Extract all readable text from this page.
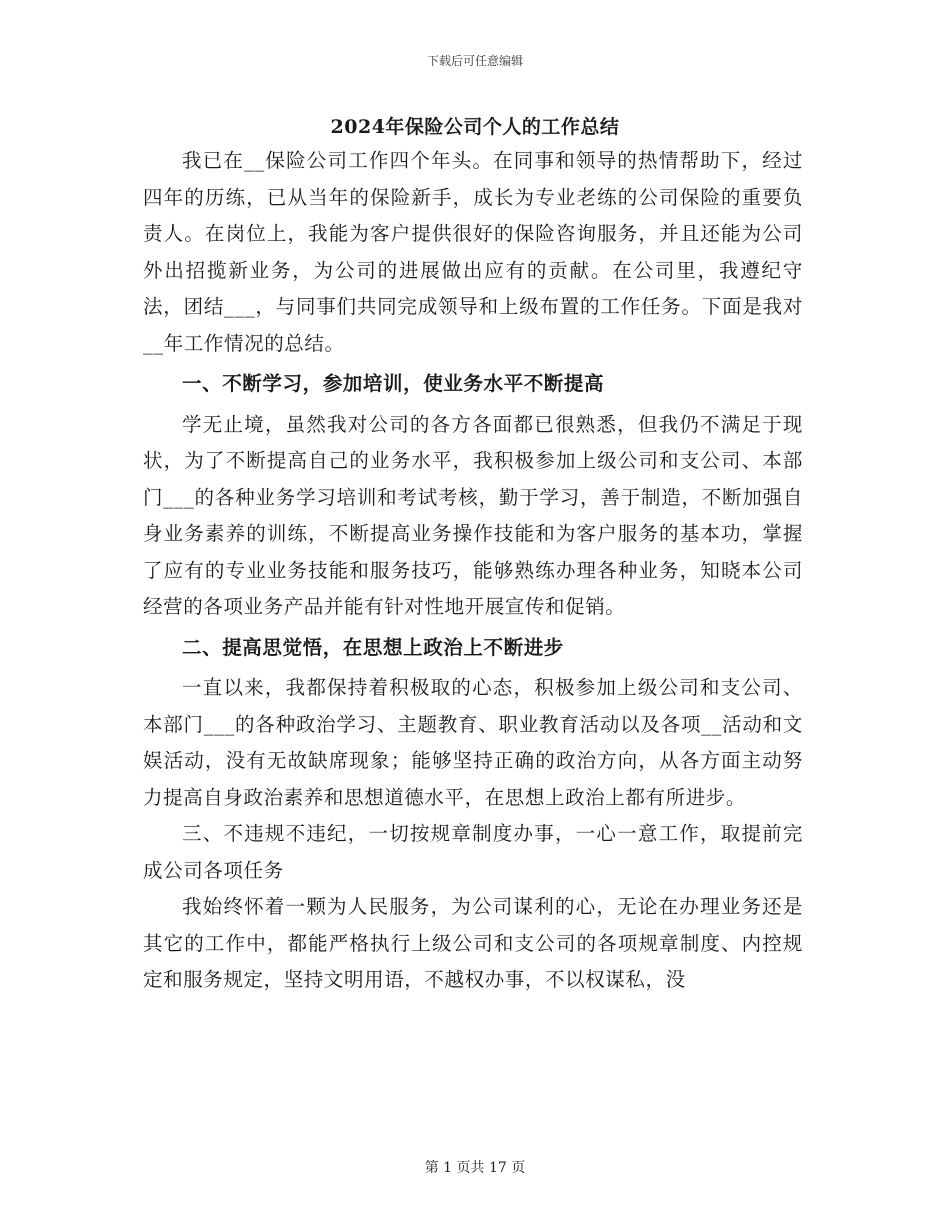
下载后可任意编辑
2024年保险公司个人的工作总结

我已在__保险公司工作四个年头。在同事和领导的热情帮助下，经过四年的历练，已从当年的保险新手，成长为专业老练的公司保险的重要负责人。在岗位上，我能为客户提供很好的保险咨询服务，并且还能为公司外出招揽新业务，为公司的进展做出应有的贡献。在公司里，我遵纪守法，团结___，与同事们共同完成领导和上级布置的工作任务。下面是我对__年工作情况的总结。

一、不断学习，参加培训，使业务水平不断提高

学无止境，虽然我对公司的各方各面都已很熟悉，但我仍不满足于现状，为了不断提高自己的业务水平，我积极参加上级公司和支公司、本部门___的各种业务学习培训和考试考核，勤于学习，善于制造，不断加强自身业务素养的训练，不断提高业务操作技能和为客户服务的基本功，掌握了应有的专业业务技能和服务技巧，能够熟练办理各种业务，知晓本公司经营的各项业务产品并能有针对性地开展宣传和促销。

二、提高思觉悟，在思想上政治上不断进步

一直以来，我都保持着积极取的心态，积极参加上级公司和支公司、本部门___的各种政治学习、主题教育、职业教育活动以及各项__活动和文娱活动，没有无故缺席现象；能够坚持正确的政治方向，从各方面主动努力提高自身政治素养和思想道德水平，在思想上政治上都有所进步。

三、不违规不违纪，一切按规章制度办事，一心一意工作，取提前完成公司各项任务

我始终怀着一颗为人民服务，为公司谋利的心，无论在办理业务还是其它的工作中，都能严格执行上级公司和支公司的各项规章制度、内控规定和服务规定，坚持文明用语，不越权办事，不以权谋私，没

第 1 页共 17 页
